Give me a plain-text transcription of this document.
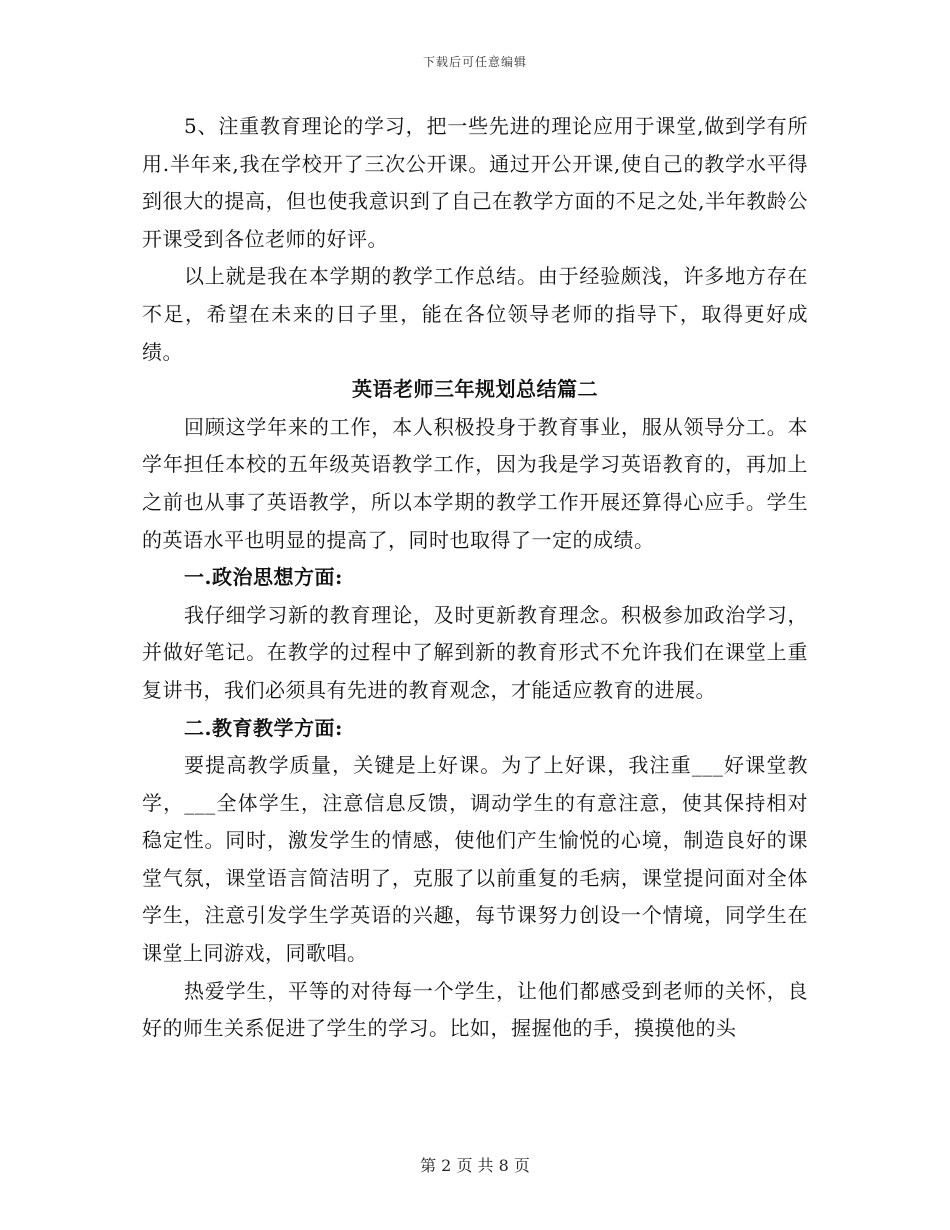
下载后可任意编辑

5、注重教育理论的学习，把一些先进的理论应用于课堂,做到学有所用.半年来,我在学校开了三次公开课。通过开公开课,使自己的教学水平得到很大的提高，但也使我意识到了自己在教学方面的不足之处,半年教龄公开课受到各位老师的好评。

以上就是我在本学期的教学工作总结。由于经验颇浅，许多地方存在不足，希望在未来的日子里，能在各位领导老师的指导下，取得更好成绩。

英语老师三年规划总结篇二

回顾这学年来的工作，本人积极投身于教育事业，服从领导分工。本学年担任本校的五年级英语教学工作，因为我是学习英语教育的，再加上之前也从事了英语教学，所以本学期的教学工作开展还算得心应手。学生的英语水平也明显的提高了，同时也取得了一定的成绩。

一.政治思想方面:

我仔细学习新的教育理论，及时更新教育理念。积极参加政治学习，并做好笔记。在教学的过程中了解到新的教育形式不允许我们在课堂上重复讲书，我们必须具有先进的教育观念，才能适应教育的进展。

二.教育教学方面:

要提高教学质量，关键是上好课。为了上好课，我注重___好课堂教学，___全体学生，注意信息反馈，调动学生的有意注意，使其保持相对稳定性。同时，激发学生的情感，使他们产生愉悦的心境，制造良好的课堂气氛，课堂语言简洁明了，克服了以前重复的毛病，课堂提问面对全体学生，注意引发学生学英语的兴趣，每节课努力创设一个情境，同学生在课堂上同游戏，同歌唱。

热爱学生，平等的对待每一个学生，让他们都感受到老师的关怀，良好的师生关系促进了学生的学习。比如，握握他的手，摸摸他的头

第 2 页 共 8 页
